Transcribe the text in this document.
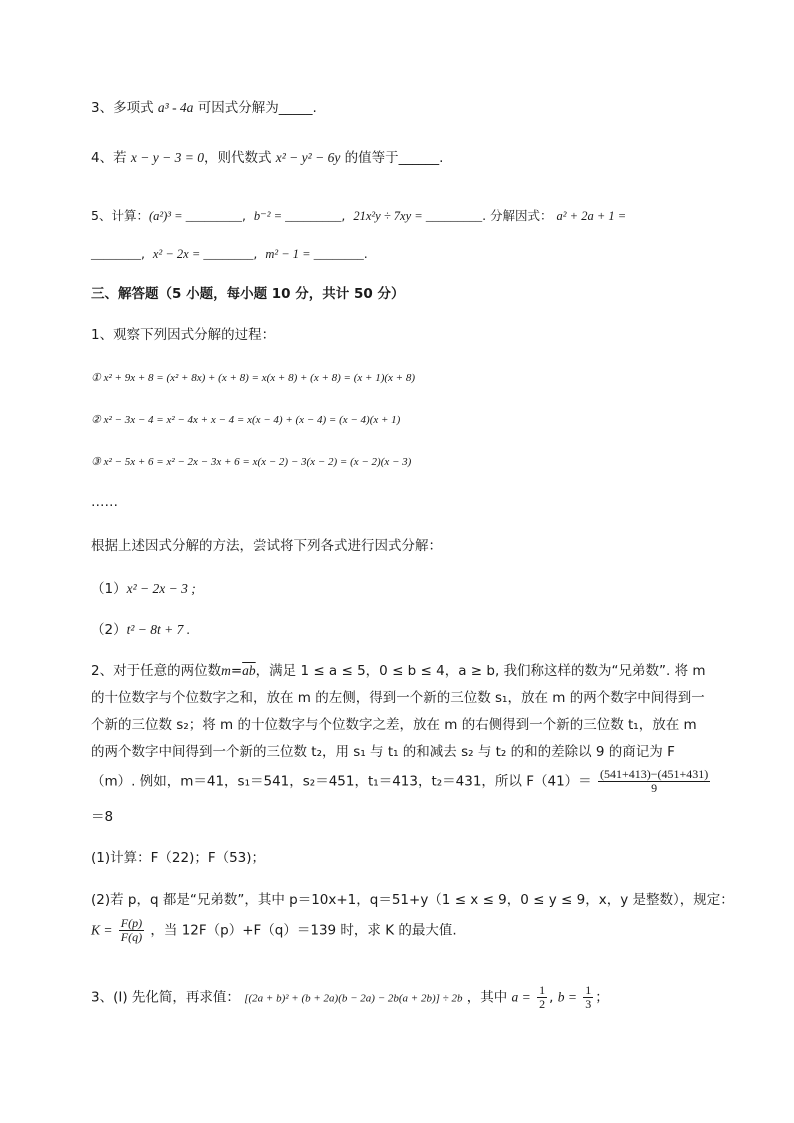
3、多项式 a³ - 4a 可因式分解为_____.
4、若 x − y − 3 = 0，则代数式 x² − y² − 6y 的值等于______.
5、计算：(a²)³ = _________,  b⁻² = _________,  21x²y ÷ 7xy = _________. 分解因式： a² + 2a + 1 =
________,  x² − 2x = ________,  m² − 1 = ________.
三、解答题（5 小题，每小题 10 分，共计 50 分）
1、观察下列因式分解的过程：
① x² + 9x + 8 = (x² + 8x) + (x + 8) = x(x + 8) + (x + 8) = (x + 1)(x + 8)
② x² − 3x − 4 = x² − 4x + x − 4 = x(x − 4) + (x − 4) = (x − 4)(x + 1)
③ x² − 5x + 6 = x² − 2x − 3x + 6 = x(x − 2) − 3(x − 2) = (x − 2)(x − 3)
……
根据上述因式分解的方法，尝试将下列各式进行因式分解：
（1）x² − 2x − 3 ;
（2）t² − 8t + 7 .
2、对于任意的两位数$m=\overline{ab}$，满足 1 ≤ a ≤ 5，0 ≤ b ≤ 4，a ≥ b, 我们称这样的数为“兄弟数”. 将 m
的十位数字与个位数字之和，放在 m 的左侧，得到一个新的三位数 s₁，放在 m 的两个数字中间得到一
个新的三位数 s₂；将 m 的十位数字与个位数字之差，放在 m 的右侧得到一个新的三位数 t₁，放在 m
的两个数字中间得到一个新的三位数 t₂，用 s₁ 与 t₁ 的和减去 s₂ 与 t₂ 的和的差除以 9 的商记为 F
（m）. 例如，m＝41，s₁＝541，s₂＝451，t₁＝413，t₂＝431，所以 $F(41)= \frac{(541+413)-(451+431)}{9}$
＝8
(1)计算：F（22)；F（53)；
(2)若 p，q 都是“兄弟数”，其中 p＝10x+1，q＝51+y（1 ≤ x ≤ 9，0 ≤ y ≤ 9，x，y 是整数），规定：
$K = \frac{F(p)}{F(q)}$ ，当 12F（p）+F（q）＝139 时，求 K 的最大值.
3、(Ⅰ) 先化简，再求值： [(2a + b)² + (b + 2a)(b − 2a) − 2b(a + 2b)] ÷ 2b ，其中 $a = \frac{1}{2}$ , $b = \frac{1}{3}$ ；
